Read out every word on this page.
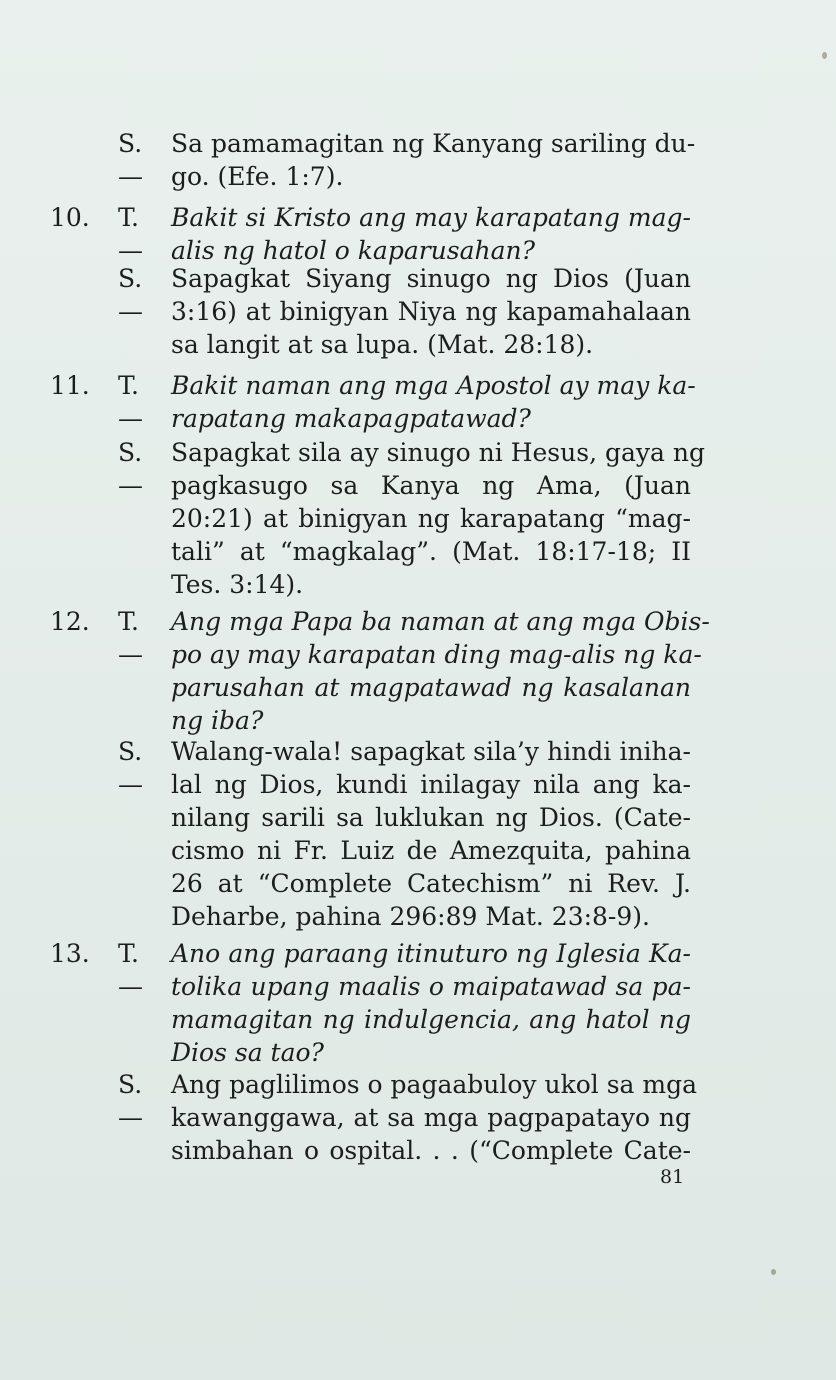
S.—
Sa pamamagitan ng Kanyang sariling du-
go. (Efe. 1:7).
10. T.—
Bakit si Kristo ang may karapatang mag-
alis ng hatol o kaparusahan?
S.—
Sapagkat Siyang sinugo ng Dios (Juan
3:16) at binigyan Niya ng kapamahalaan
sa langit at sa lupa. (Mat. 28:18).
11. T.—
Bakit naman ang mga Apostol ay may ka-
rapatang makapagpatawad?
S.—
Sapagkat sila ay sinugo ni Hesus, gaya ng
pagkasugo sa Kanya ng Ama, (Juan
20:21) at binigyan ng karapatang “mag-
tali” at “magkalag”. (Mat. 18:17-18; II
Tes. 3:14).
12. T.—
Ang mga Papa ba naman at ang mga Obis-
po ay may karapatan ding mag-alis ng ka-
parusahan at magpatawad ng kasalanan
ng iba?
S.—
Walang-wala! sapagkat sila’y hindi iniha-
lal ng Dios, kundi inilagay nila ang ka-
nilang sarili sa luklukan ng Dios. (Cate-
cismo ni Fr. Luiz de Amezquita, pahina
26 at “Complete Catechism” ni Rev. J.
Deharbe, pahina 296:89 Mat. 23:8-9).
13. T.—
Ano ang paraang itinuturo ng Iglesia Ka-
tolika upang maalis o maipatawad sa pa-
mamagitan ng indulgencia, ang hatol ng
Dios sa tao?
S.—
Ang paglilimos o pagaabuloy ukol sa mga
kawanggawa, at sa mga pagpapatayo ng
simbahan o ospital. . . (“Complete Cate-
81
